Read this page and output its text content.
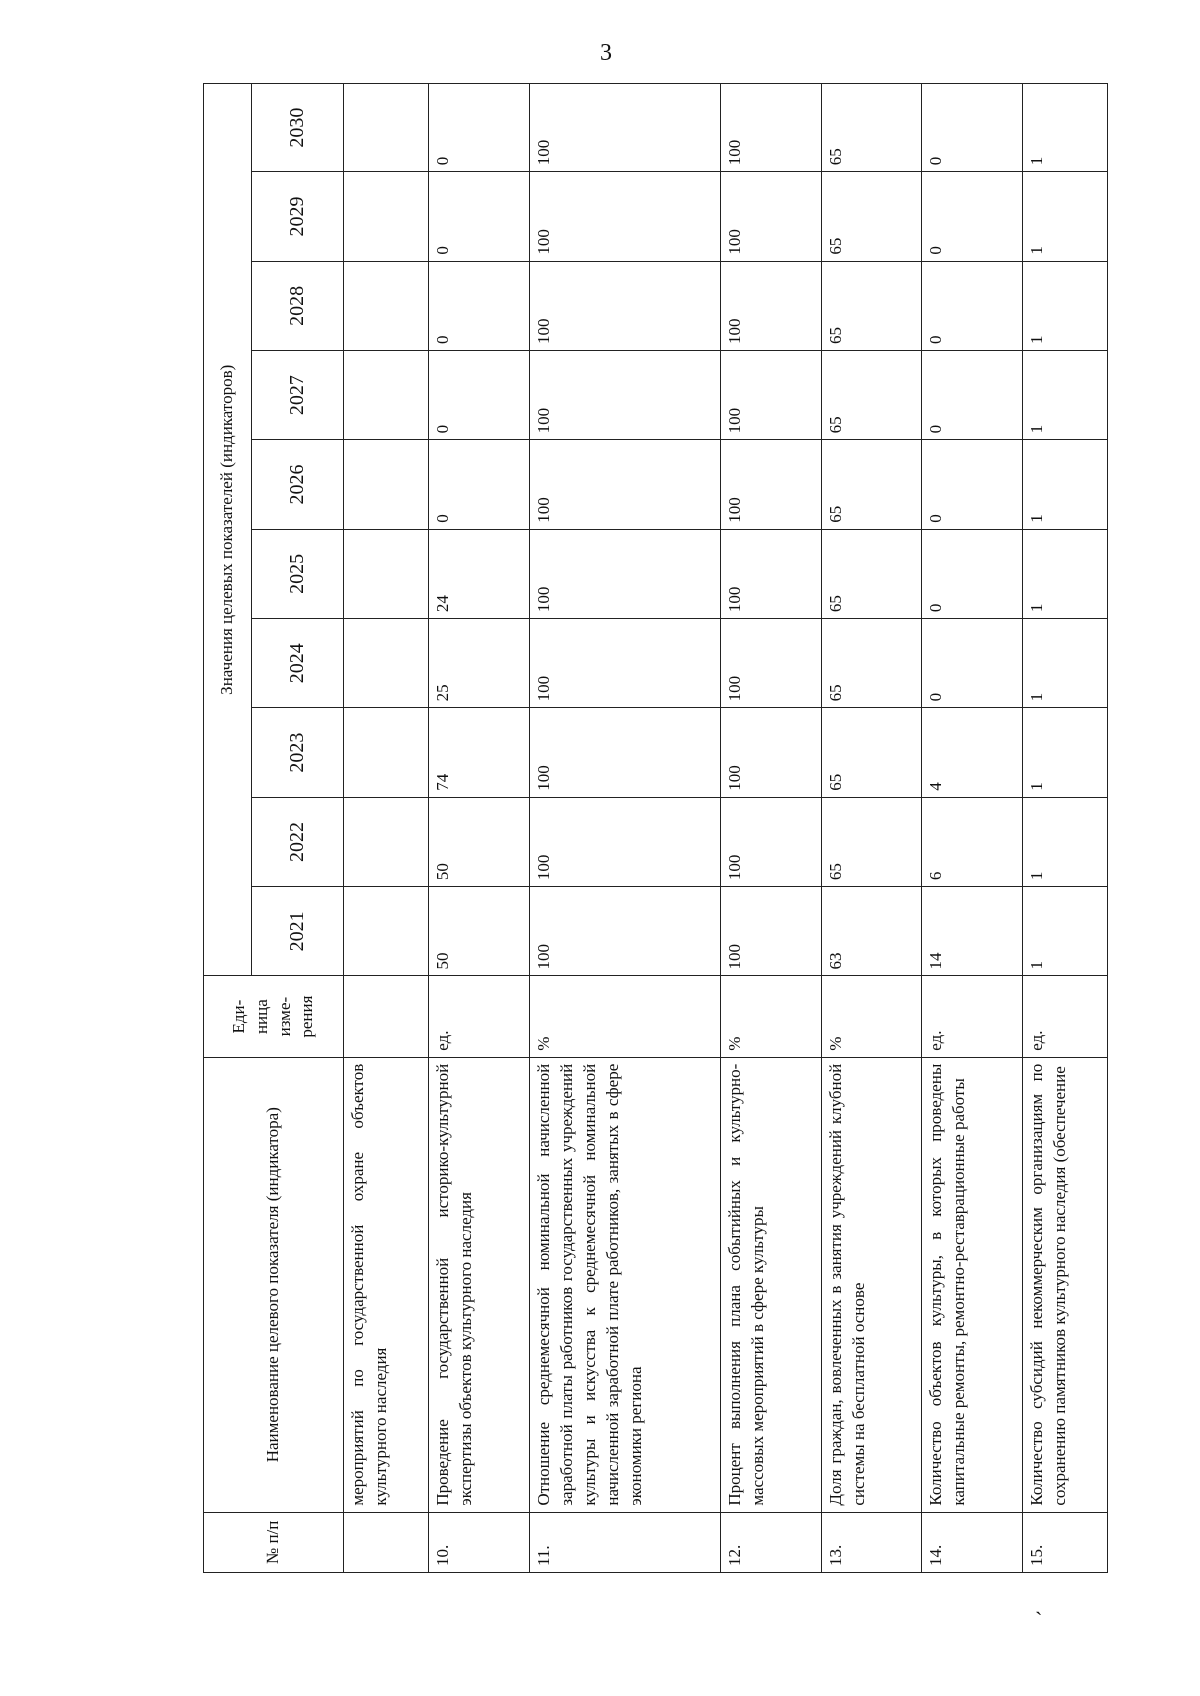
3
№ п/п	Наименование целевого показателя (индикатора)	Еди-ница изме-рения	Значения целевых показателей (индикаторов)									
			2021	2022	2023	2024	2025	2026	2027	2028	2029	2030
	мероприятий по государственной охране объектов культурного наследия											
10.	Проведение государственной историко-культурной экспертизы объектов культурного наследия	ед.	50	50	74	25	24	0	0	0	0	0
11.	Отношение среднемесячной номинальной начисленной заработной платы работников государственных учреждений культуры и искусства к среднемесячной номинальной начисленной заработной плате работников, занятых в сфере экономики региона	%	100	100	100	100	100	100	100	100	100	100
12.	Процент выполнения плана событийных и культурно-массовых мероприятий в сфере культуры	%	100	100	100	100	100	100	100	100	100	100
13.	Доля граждан, вовлеченных в занятия учреждений клубной системы на бесплатной основе	%	63	65	65	65	65	65	65	65	65	65
14.	Количество объектов культуры, в которых проведены капитальные ремонты, ремонтно-реставрационные работы	ед.	14	6	4	0	0	0	0	0	0	0
15.	Количество субсидий некоммерческим организациям по сохранению памятников культурного наследия (обеспечение	ед.	1	1	1	1	1	1	1	1	1	1
ˋ
